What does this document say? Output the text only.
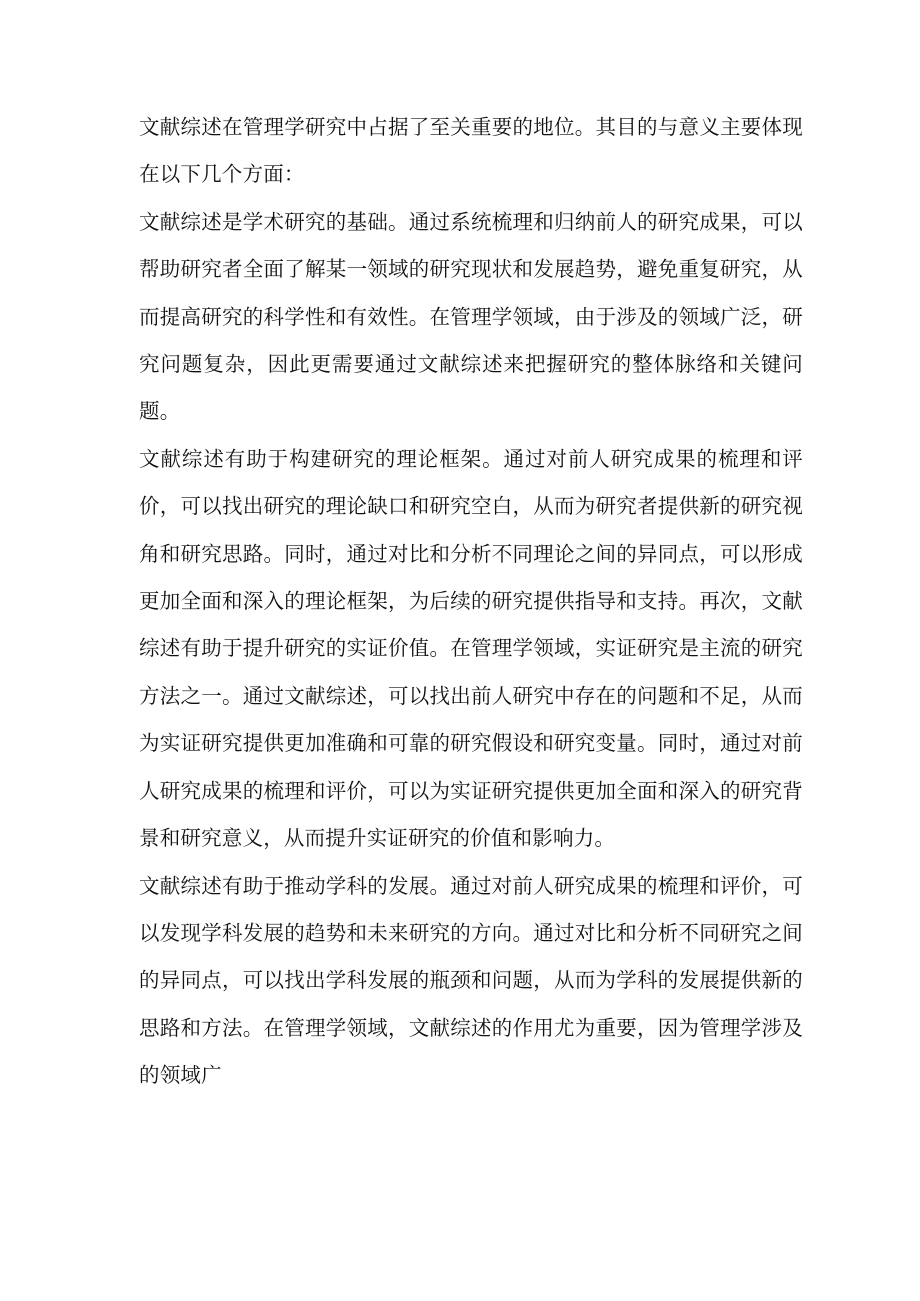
文献综述在管理学研究中占据了至关重要的地位。其目的与意义主要体现在以下几个方面：

文献综述是学术研究的基础。通过系统梳理和归纳前人的研究成果，可以帮助研究者全面了解某一领域的研究现状和发展趋势，避免重复研究，从而提高研究的科学性和有效性。在管理学领域，由于涉及的领域广泛，研究问题复杂，因此更需要通过文献综述来把握研究的整体脉络和关键问题。

文献综述有助于构建研究的理论框架。通过对前人研究成果的梳理和评价，可以找出研究的理论缺口和研究空白，从而为研究者提供新的研究视角和研究思路。同时，通过对比和分析不同理论之间的异同点，可以形成更加全面和深入的理论框架，为后续的研究提供指导和支持。再次，文献综述有助于提升研究的实证价值。在管理学领域，实证研究是主流的研究方法之一。通过文献综述，可以找出前人研究中存在的问题和不足，从而为实证研究提供更加准确和可靠的研究假设和研究变量。同时，通过对前人研究成果的梳理和评价，可以为实证研究提供更加全面和深入的研究背景和研究意义，从而提升实证研究的价值和影响力。

文献综述有助于推动学科的发展。通过对前人研究成果的梳理和评价，可以发现学科发展的趋势和未来研究的方向。通过对比和分析不同研究之间的异同点，可以找出学科发展的瓶颈和问题，从而为学科的发展提供新的思路和方法。在管理学领域，文献综述的作用尤为重要，因为管理学涉及的领域广
